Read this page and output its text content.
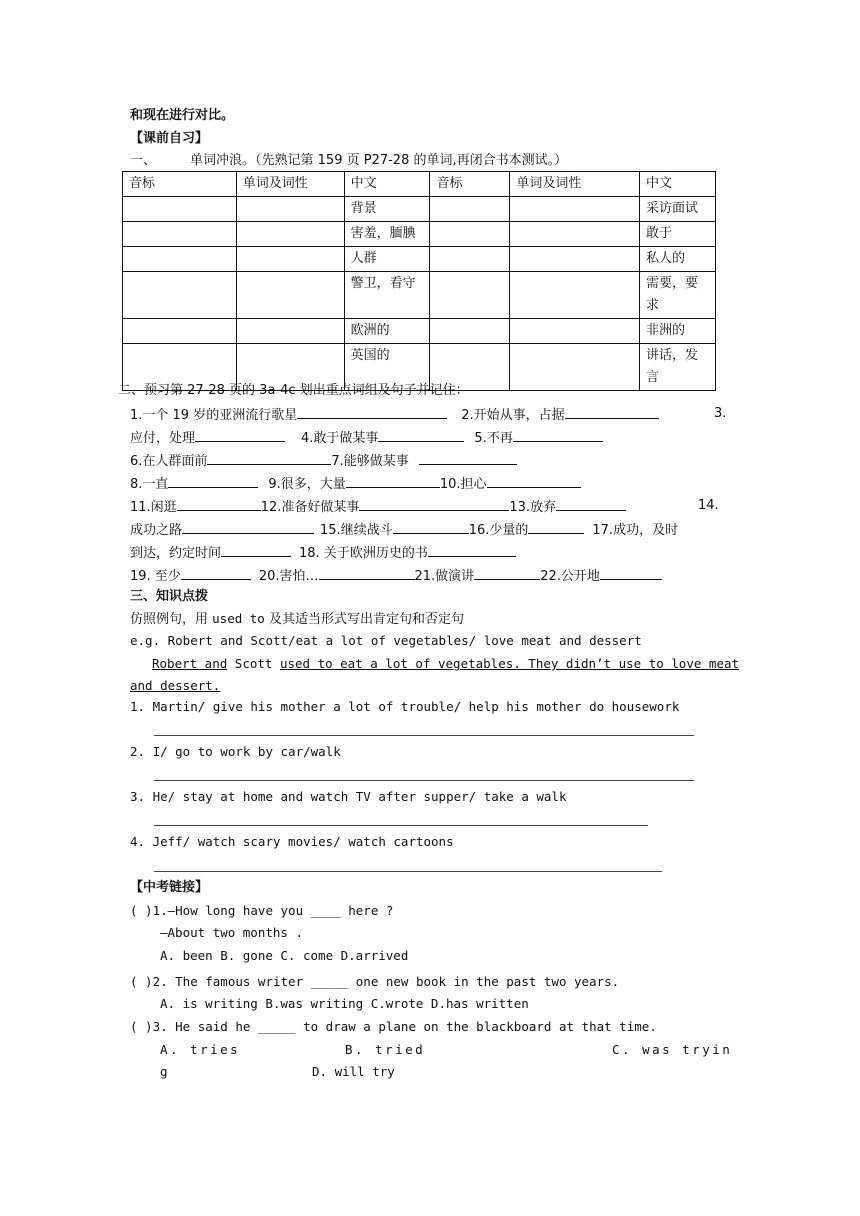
和现在进行对比。
【课前自习】
一、	单词冲浪。（先熟记第 159 页 P27-28 的单词,再闭合书本测试。）
音标	单词及词性	中文	音标	单词及词性	中文
		背景			采访面试
		害羞，腼腆			敢于
		人群			私人的
		警卫，看守			需要，要
求

		欧洲的			非洲的
		英国的			讲话，发
言
二、预习第 27-28 页的 3a-4c 划出重点词组及句子并记住：
1.一个 19 岁的亚洲流行歌星	2.开始从事，占据	3.
应付，处理	4.敢于做某事	5.不再
6.在人群面前	7.能够做某事
8.一直	9.很多，大量	10.担心
11.闲逛	12.准备好做某事	13.放弃	14.
成功之路	15.继续战斗	16.少量的	17.成功，及时
到达，约定时间	18. 关于欧洲历史的书
19. 至少	20.害怕…	21.做演讲	22.公开地
三、知识点拨
仿照例句，用 used to 及其适当形式写出肯定句和否定句
e.g. Robert and Scott/eat a lot of vegetables/ love meat and dessert
Robert and Scott used to eat a lot of vegetables. They didn’t use to love meat
and dessert.
1. Martin/ give his mother a lot of trouble/ help his mother do housework
2. I/ go to work by car/walk
3. He/ stay at home and watch TV after supper/ take a walk
4. Jeff/ watch scary movies/ watch cartoons
【中考链接】
( )1.—How long have you ____ here ?
—About two months .
A. been B. gone C. come D.arrived
( )2. The famous writer _____ one new book in the past two years.
A. is writing B.was writing C.wrote D.has written
( )3. He said he _____ to draw a plane on the blackboard at that time.
A. tries	B. tried	C. was tryin
g	D. will try
